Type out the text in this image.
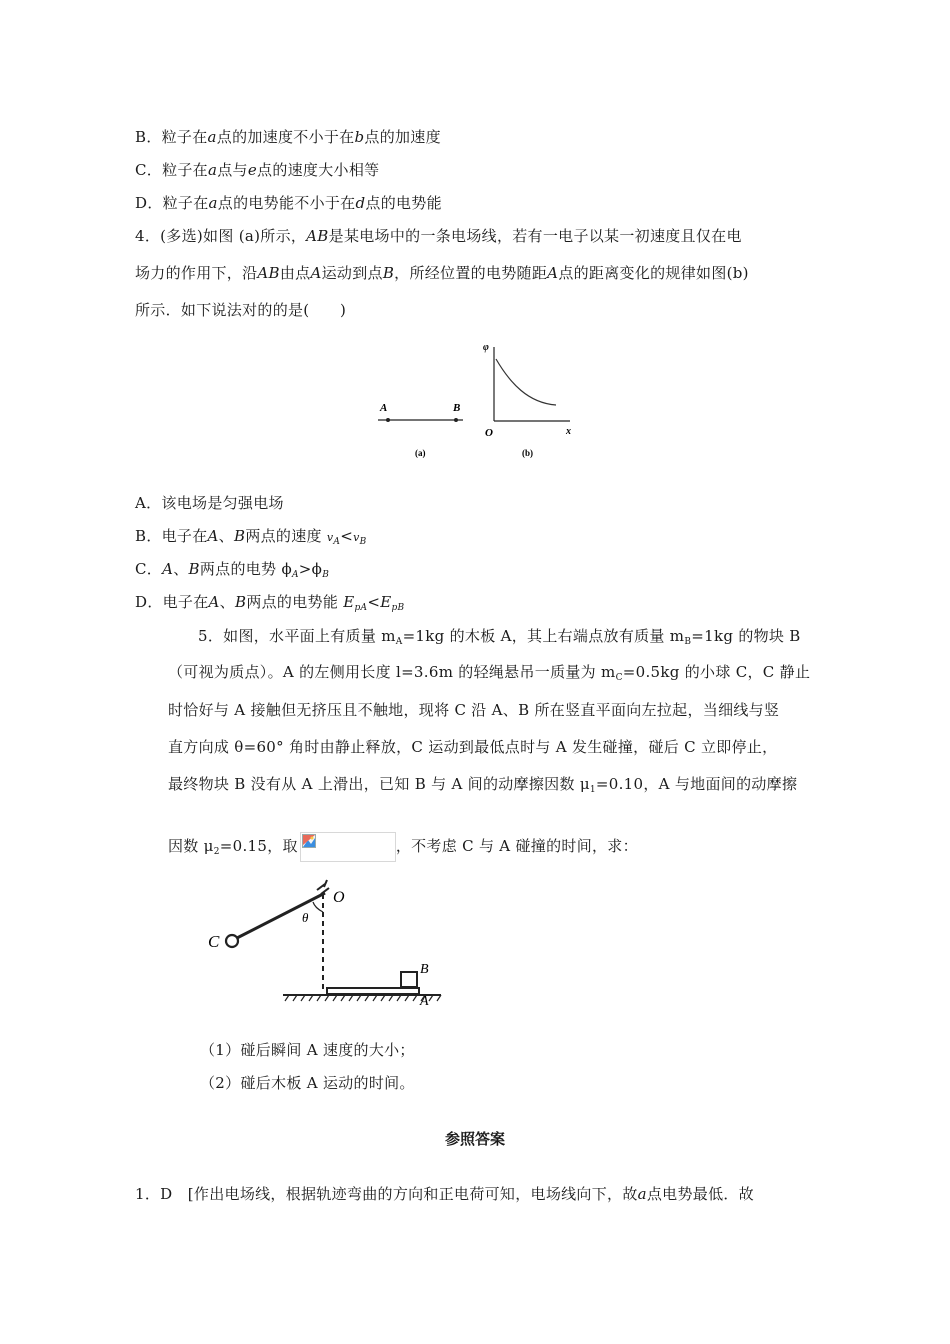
B．粒子在a点的加速度不小于在b点的加速度
C．粒子在a点与e点的速度大小相等
D．粒子在a点的电势能不小于在d点的电势能
4．(多选)如图 (a)所示，AB是某电场中的一条电场线，若有一电子以某一初速度且仅在电
场力的作用下，沿AB由点A运动到点B，所经位置的电势随距A点的距离变化的规律如图(b)
所示．如下说法对的的是(　　)
A	B
(a)
φ
O	x
(b)
A．该电场是匀强电场
B．电子在A、B两点的速度 $v_A<v_B$
C．A、B两点的电势 $\phi_A>\phi_B$
D．电子在A、B两点的电势能 $E_{pA}<E_{pB}$
5．如图，水平面上有质量 $m_A=1kg$ 的木板 A，其上右端点放有质量 $m_B=1kg$ 的物块 B
（可视为质点）。A 的左侧用长度 l=3.6m 的轻绳悬吊一质量为 $m_C=0.5kg$ 的小球 C，C 静止
时恰好与 A 接触但无挤压且不触地，现将 C 沿 A、B 所在竖直平面向左拉起，当细线与竖
直方向成 θ=60° 角时由静止释放，C 运动到最低点时与 A 发生碰撞，碰后 C 立即停止，
最终物块 B 没有从 A 上滑出，已知 B 与 A 间的动摩擦因数 $\mu_1=0.10$，A 与地面间的动摩擦
因数 $\mu_2=0.15$，取	，不考虑 C 与 A 碰撞的时间，求：
C
O
θ
B
A
（1）碰后瞬间 A 速度的大小；
（2）碰后木板 A 运动的时间。
参照答案
1．D　[作出电场线，根据轨迹弯曲的方向和正电荷可知，电场线向下，故a点电势最低．故
